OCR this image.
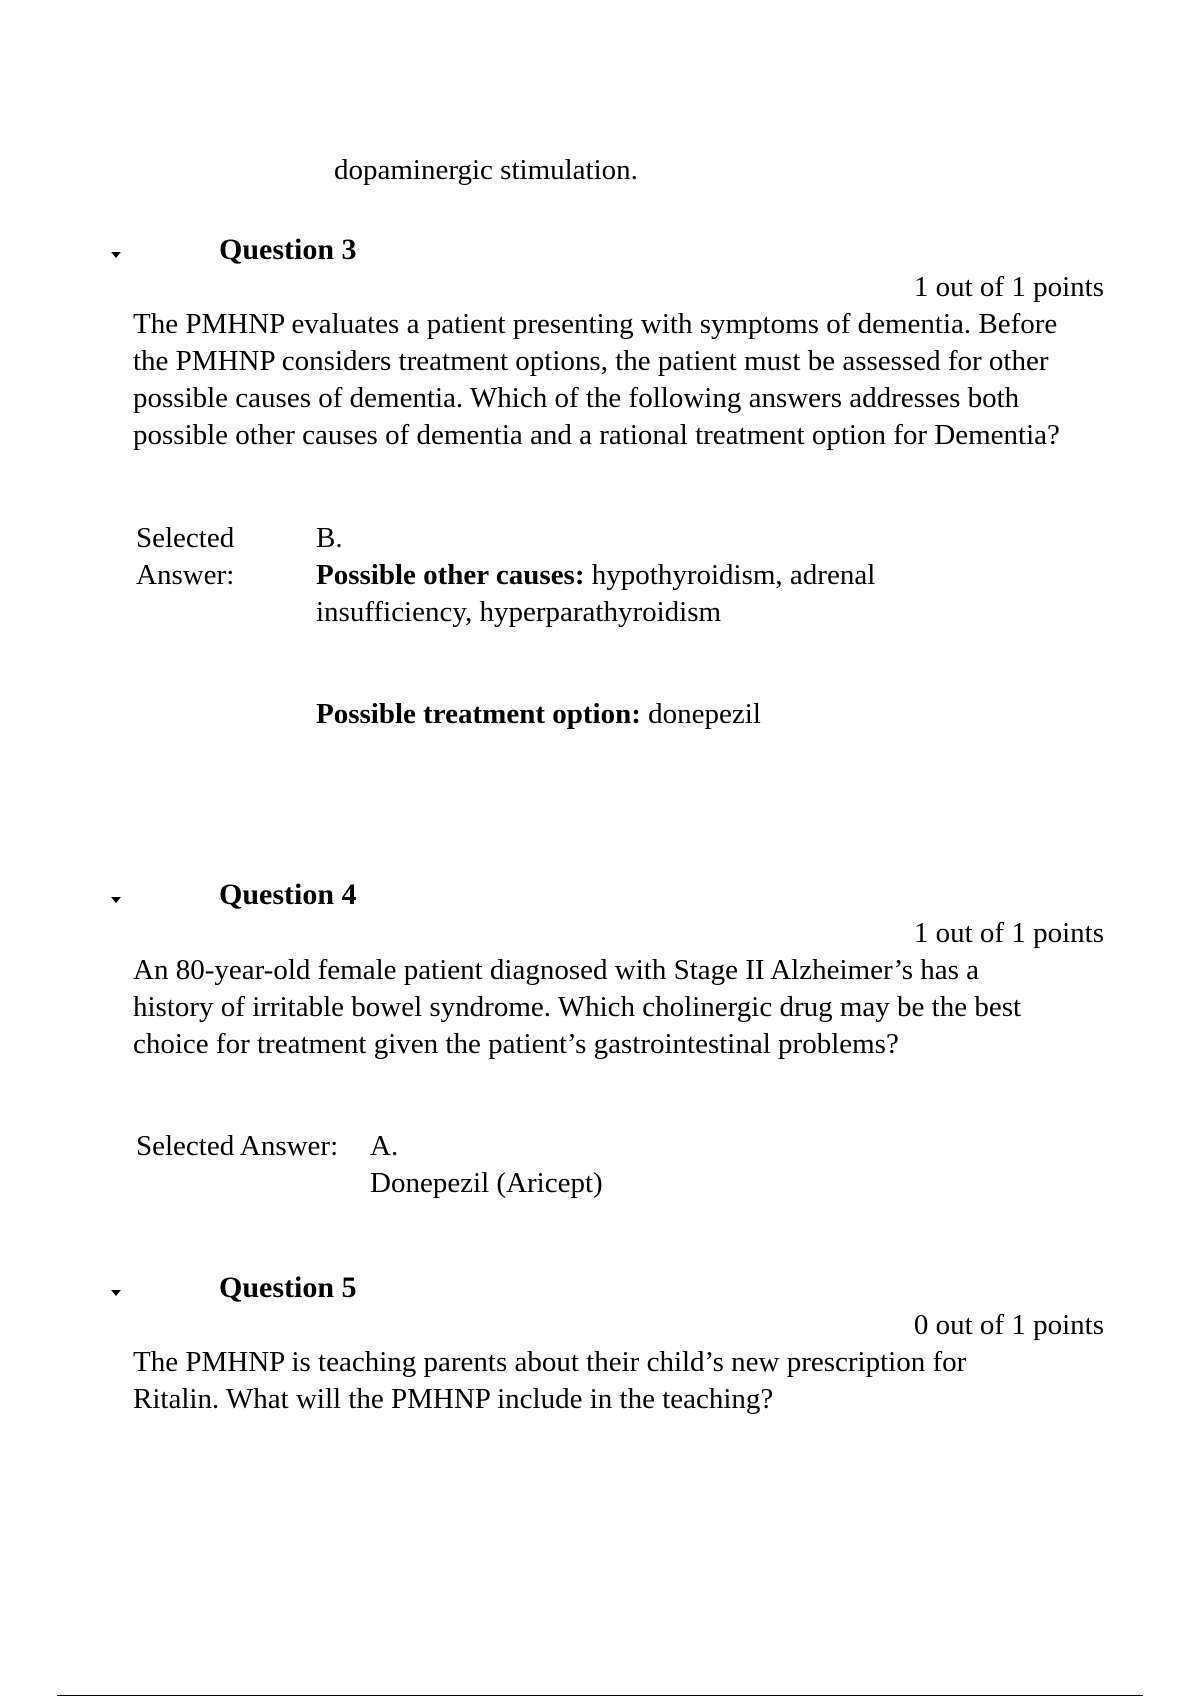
dopaminergic stimulation.
Question 3
1 out of 1 points
The PMHNP evaluates a patient presenting with symptoms of dementia. Before the PMHNP considers treatment options, the patient must be assessed for other possible causes of dementia. Which of the following answers addresses both possible other causes of dementia and a rational treatment option for Dementia?
Selected
Answer:
B.
Possible other causes: hypothyroidism, adrenal insufficiency, hyperparathyroidism
Possible treatment option: donepezil
Question 4
1 out of 1 points
An 80-year-old female patient diagnosed with Stage II Alzheimer’s has a history of irritable bowel syndrome. Which cholinergic drug may be the best choice for treatment given the patient’s gastrointestinal problems?
Selected Answer: A.
Donepezil (Aricept)
Question 5
0 out of 1 points
The PMHNP is teaching parents about their child’s new prescription for Ritalin. What will the PMHNP include in the teaching?
